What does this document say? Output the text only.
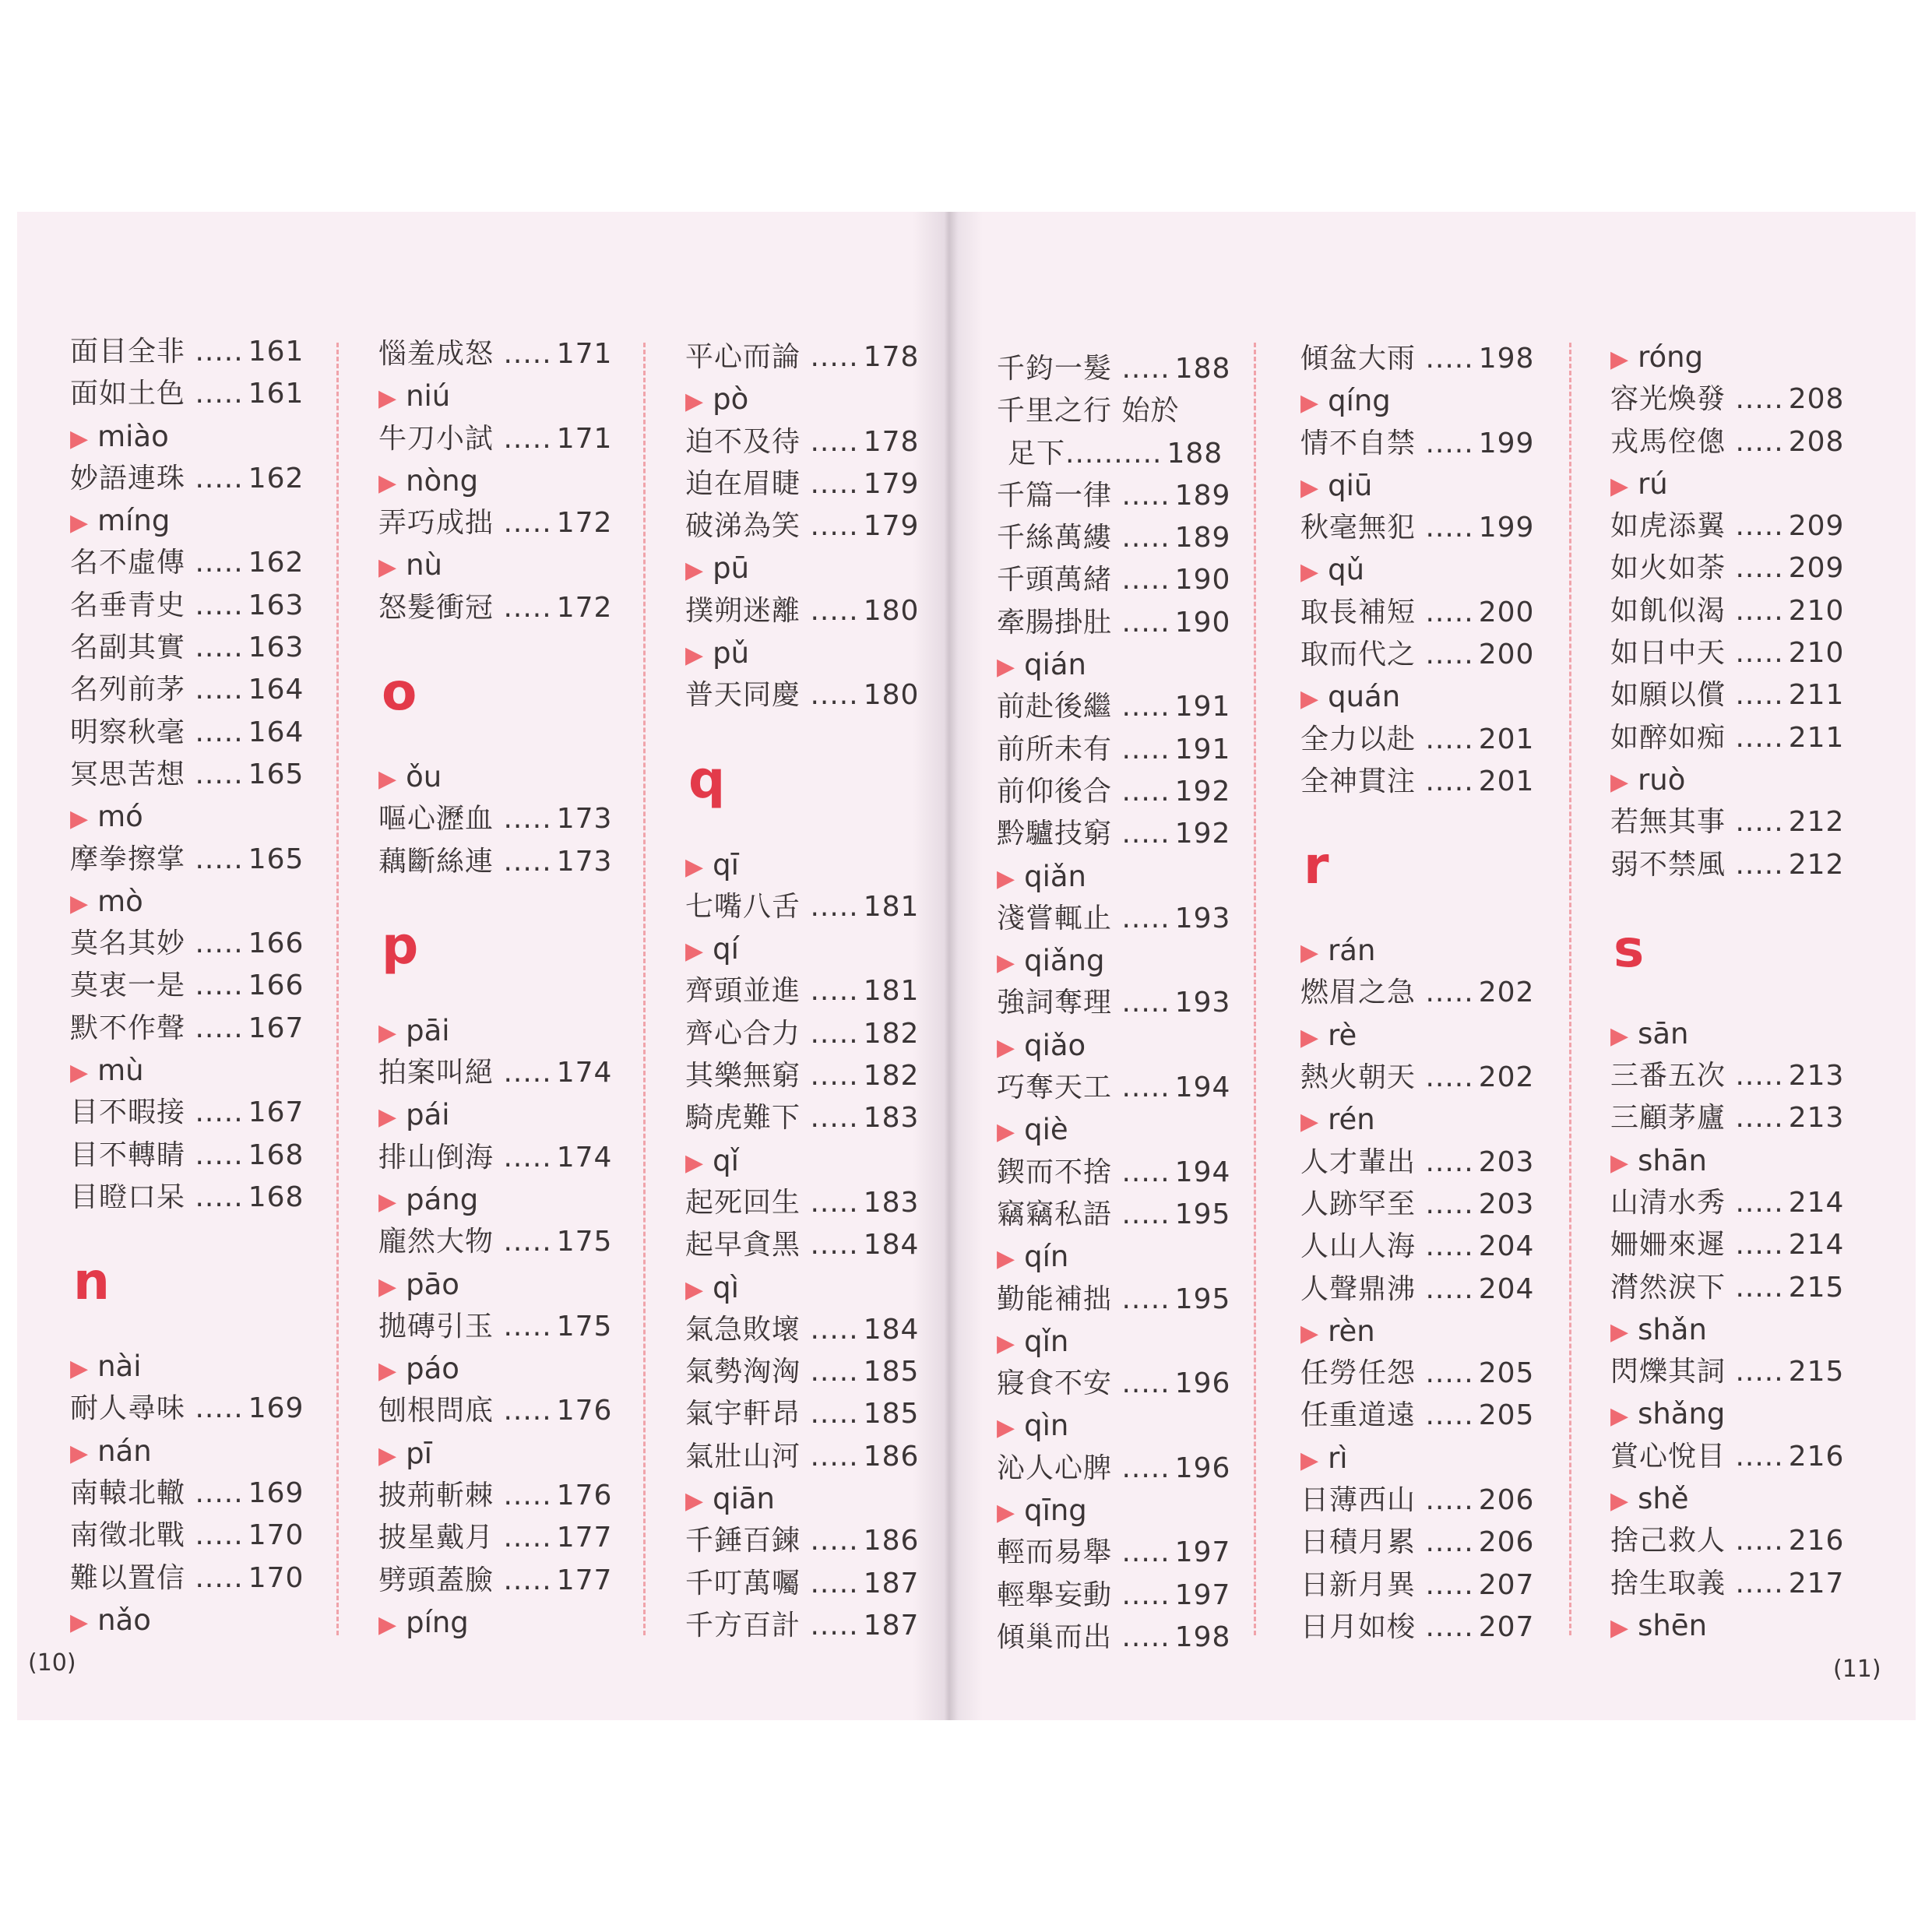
面目全非 ..... 161
面如土色 ..... 161
▶ miào
妙語連珠 ..... 162
▶ míng
名不虛傳 ..... 162
名垂青史 ..... 163
名副其實 ..... 163
名列前茅 ..... 164
明察秋毫 ..... 164
冥思苦想 ..... 165
▶ mó
摩拳擦掌 ..... 165
▶ mò
莫名其妙 ..... 166
莫衷一是 ..... 166
默不作聲 ..... 167
▶ mù
目不暇接 ..... 167
目不轉睛 ..... 168
目瞪口呆 ..... 168
n
▶ nài
耐人尋味 ..... 169
▶ nán
南轅北轍 ..... 169
南徵北戰 ..... 170
難以置信 ..... 170
▶ nǎo
惱羞成怒 ..... 171
▶ niú
牛刀小試 ..... 171
▶ nòng
弄巧成拙 ..... 172
▶ nù
怒髮衝冠 ..... 172
o
▶ ǒu
嘔心瀝血 ..... 173
藕斷絲連 ..... 173
p
▶ pāi
拍案叫絕 ..... 174
▶ pái
排山倒海 ..... 174
▶ páng
龐然大物 ..... 175
▶ pāo
拋磚引玉 ..... 175
▶ páo
刨根問底 ..... 176
▶ pī
披荊斬棘 ..... 176
披星戴月 ..... 177
劈頭蓋臉 ..... 177
▶ píng
平心而論 ..... 178
▶ pò
迫不及待 ..... 178
迫在眉睫 ..... 179
破涕為笑 ..... 179
▶ pū
撲朔迷離 ..... 180
▶ pǔ
普天同慶 ..... 180
q
▶ qī
七嘴八舌 ..... 181
▶ qí
齊頭並進 ..... 181
齊心合力 ..... 182
其樂無窮 ..... 182
騎虎難下 ..... 183
▶ qǐ
起死回生 ..... 183
起早貪黑 ..... 184
▶ qì
氣急敗壞 ..... 184
氣勢洶洶 ..... 185
氣宇軒昂 ..... 185
氣壯山河 ..... 186
▶ qiān
千錘百鍊 ..... 186
千叮萬囑 ..... 187
千方百計 ..... 187
千鈞一髮 ..... 188
千里之行 始於
足下.......... 188
千篇一律 ..... 189
千絲萬縷 ..... 189
千頭萬緒 ..... 190
牽腸掛肚 ..... 190
▶ qián
前赴後繼 ..... 191
前所未有 ..... 191
前仰後合 ..... 192
黔驢技窮 ..... 192
▶ qiǎn
淺嘗輒止 ..... 193
▶ qiǎng
強詞奪理 ..... 193
▶ qiǎo
巧奪天工 ..... 194
▶ qiè
鍥而不捨 ..... 194
竊竊私語 ..... 195
▶ qín
勤能補拙 ..... 195
▶ qǐn
寢食不安 ..... 196
▶ qìn
沁人心脾 ..... 196
▶ qīng
輕而易舉 ..... 197
輕舉妄動 ..... 197
傾巢而出 ..... 198
傾盆大雨 ..... 198
▶ qíng
情不自禁 ..... 199
▶ qiū
秋毫無犯 ..... 199
▶ qǔ
取長補短 ..... 200
取而代之 ..... 200
▶ quán
全力以赴 ..... 201
全神貫注 ..... 201
r
▶ rán
燃眉之急 ..... 202
▶ rè
熱火朝天 ..... 202
▶ rén
人才輩出 ..... 203
人跡罕至 ..... 203
人山人海 ..... 204
人聲鼎沸 ..... 204
▶ rèn
任勞任怨 ..... 205
任重道遠 ..... 205
▶ rì
日薄西山 ..... 206
日積月累 ..... 206
日新月異 ..... 207
日月如梭 ..... 207
▶ róng
容光煥發 ..... 208
戎馬倥傯 ..... 208
▶ rú
如虎添翼 ..... 209
如火如荼 ..... 209
如飢似渴 ..... 210
如日中天 ..... 210
如願以償 ..... 211
如醉如痴 ..... 211
▶ ruò
若無其事 ..... 212
弱不禁風 ..... 212
s
▶ sān
三番五次 ..... 213
三顧茅廬 ..... 213
▶ shān
山清水秀 ..... 214
姍姍來遲 ..... 214
潸然淚下 ..... 215
▶ shǎn
閃爍其詞 ..... 215
▶ shǎng
賞心悅目 ..... 216
▶ shě
捨己救人 ..... 216
捨生取義 ..... 217
▶ shēn
(10)	(11)
